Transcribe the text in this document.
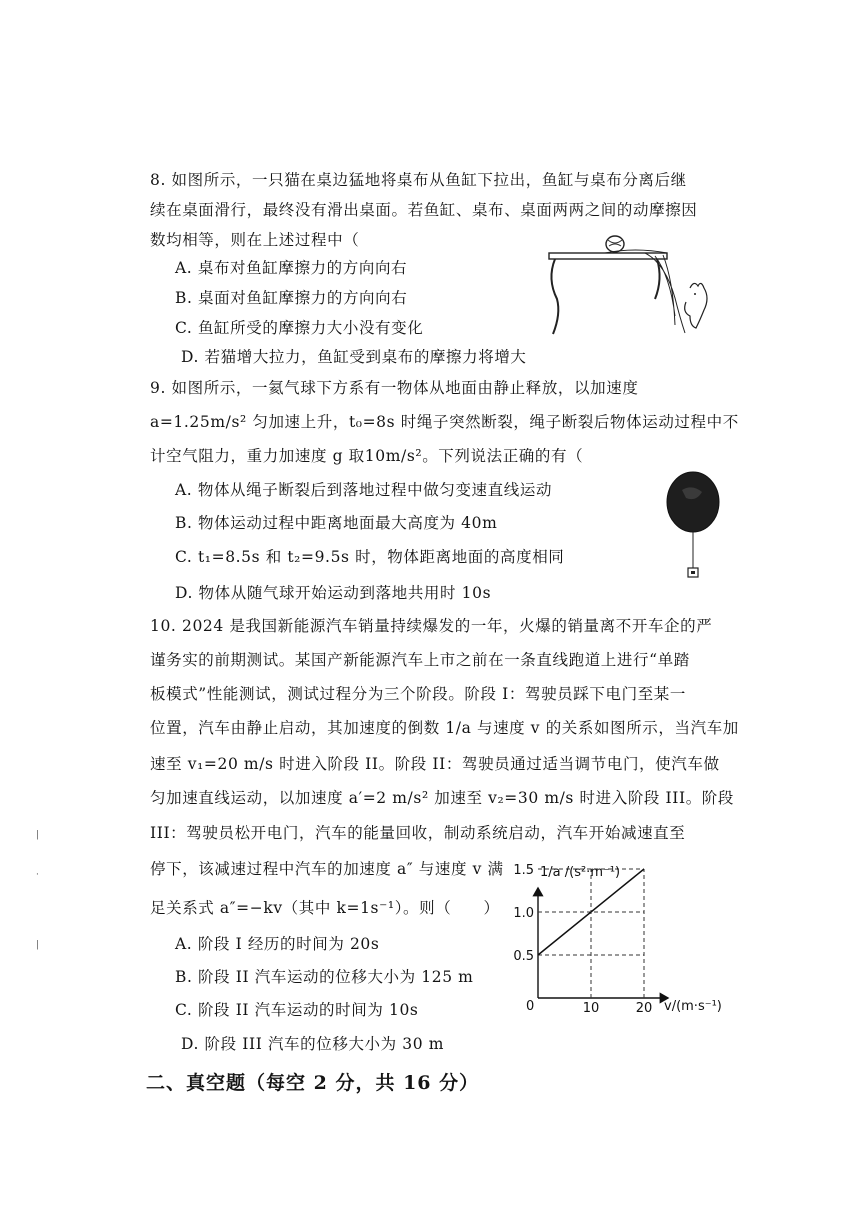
8. 如图所示，一只猫在桌边猛地将桌布从鱼缸下拉出，鱼缸与桌布分离后继
续在桌面滑行，最终没有滑出桌面。若鱼缸、桌布、桌面两两之间的动摩擦因
数均相等，则在上述过程中（
A. 桌布对鱼缸摩擦力的方向向右
B. 桌面对鱼缸摩擦力的方向向右
C. 鱼缸所受的摩擦力大小没有变化
D. 若猫增大拉力，鱼缸受到桌布的摩擦力将增大
9. 如图所示，一氦气球下方系有一物体从地面由静止释放，以加速度
a=1.25m/s² 匀加速上升，t₀=8s 时绳子突然断裂，绳子断裂后物体运动过程中不
计空气阻力，重力加速度 g 取10m/s²。下列说法正确的有（
A. 物体从绳子断裂后到落地过程中做匀变速直线运动
B. 物体运动过程中距离地面最大高度为 40m
C. t₁=8.5s 和 t₂=9.5s 时，物体距离地面的高度相同
D. 物体从随气球开始运动到落地共用时 10s
10. 2024 是我国新能源汽车销量持续爆发的一年，火爆的销量离不开车企的严
谨务实的前期测试。某国产新能源汽车上市之前在一条直线跑道上进行“单踏
板模式”性能测试，测试过程分为三个阶段。阶段 I：驾驶员踩下电门至某一
位置，汽车由静止启动，其加速度的倒数 1/a 与速度 v 的关系如图所示，当汽车加
速至 v₁=20 m/s 时进入阶段 II。阶段 II：驾驶员通过适当调节电门，使汽车做
匀加速直线运动，以加速度 a′=2 m/s² 加速至 v₂=30 m/s 时进入阶段 III。阶段
III：驾驶员松开电门，汽车的能量回收，制动系统启动，汽车开始减速直至
停下，该减速过程中汽车的加速度 a″ 与速度 v 满
足关系式 a″=−kv（其中 k=1s⁻¹）。则（　　）
A. 阶段 I 经历的时间为 20s
B. 阶段 II 汽车运动的位移大小为 125 m
C. 阶段 II 汽车运动的时间为 10s
D. 阶段 III 汽车的位移大小为 30 m
1/a /(s²·m⁻¹)
v/(m·s⁻¹)
0
0.5
1.0
1.5
10	20
二、真空题（每空 2 分，共 16 分）
|
·
|
